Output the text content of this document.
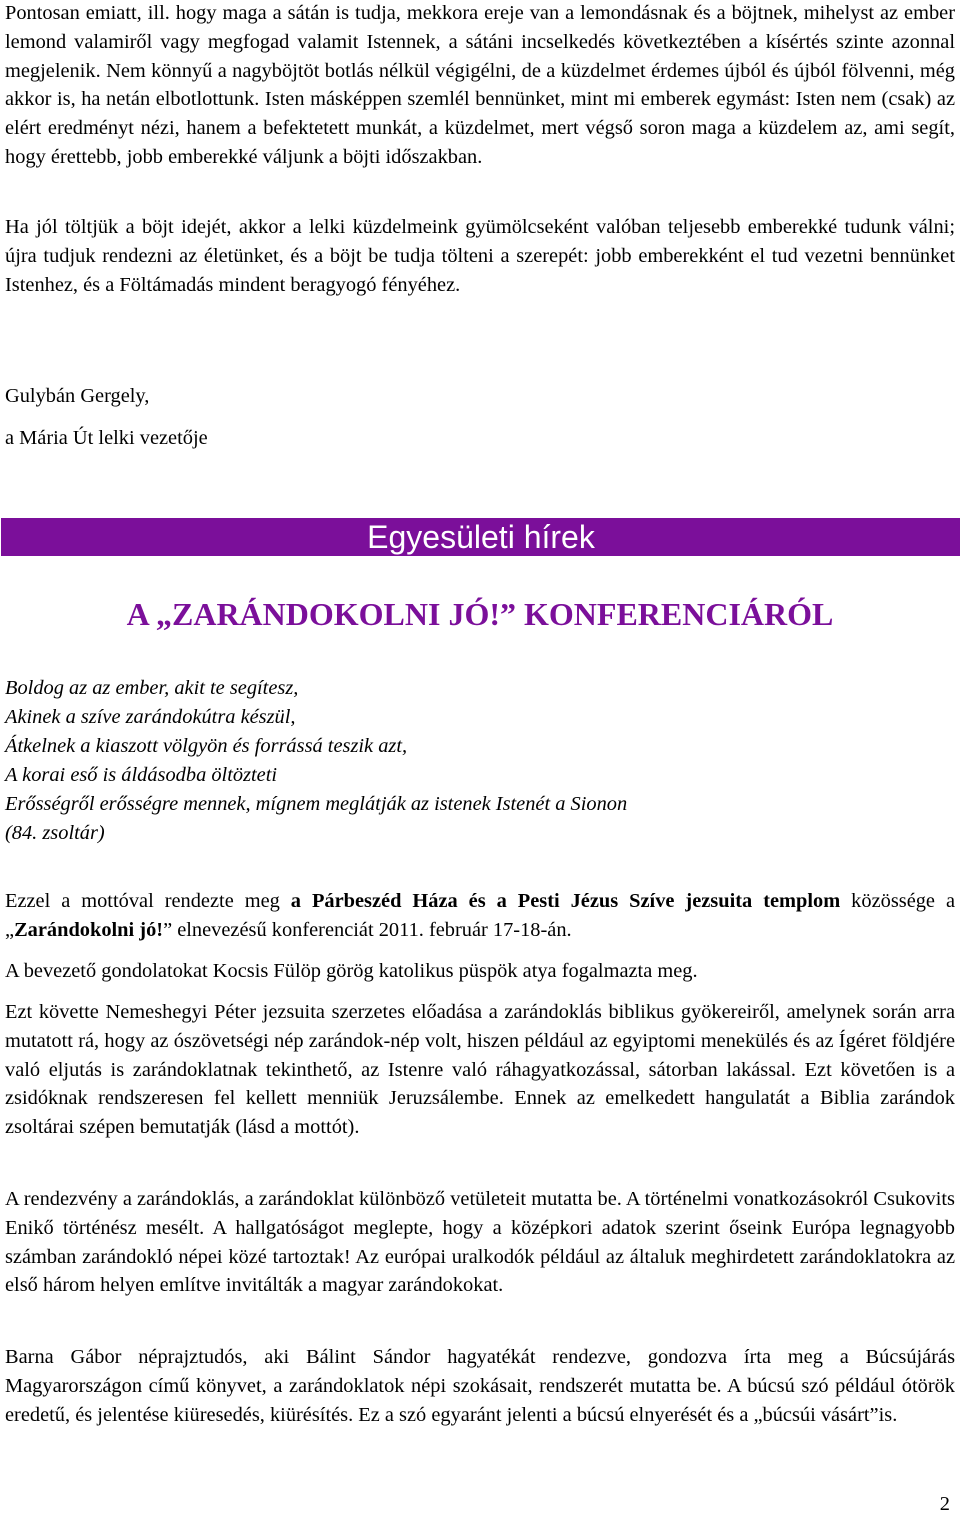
Pontosan emiatt, ill. hogy maga a sátán is tudja, mekkora ereje van a lemondásnak és a böjtnek, mihelyst az ember lemond valamiről vagy megfogad valamit Istennek, a sátáni incselkedés következtében a kísértés szinte azonnal megjelenik. Nem könnyű a nagyböjtöt botlás nélkül végigélni, de a küzdelmet érdemes újból és újból fölvenni, még akkor is, ha netán elbotlottunk. Isten másképpen szemlél bennünket, mint mi emberek egymást: Isten nem (csak) az elért eredményt nézi, hanem a befektetett munkát, a küzdelmet, mert végső soron maga a küzdelem az, ami segít, hogy érettebb, jobb emberekké váljunk a böjti időszakban.

Ha jól töltjük a böjt idejét, akkor a lelki küzdelmeink gyümölcseként valóban teljesebb emberekké tudunk válni; újra tudjuk rendezni az életünket, és a böjt be tudja tölteni a szerepét: jobb emberekként el tud vezetni bennünket Istenhez, és a Föltámadás mindent beragyogó fényéhez.

Gulybán Gergely,
a Mária Út lelki vezetője
Egyesületi hírek
A „ZARÁNDOKOLNI JÓ!” KONFERENCIÁRÓL
Boldog az az ember, akit te segítesz,
Akinek a szíve zarándokútra készül,
Átkelnek a kiaszott völgyön és forrássá teszik azt,
A korai eső is áldásodba öltözteti
Erősségről erősségre mennek, mígnem meglátják az istenek Istenét a Sionon
(84. zsoltár)

Ezzel a mottóval rendezte meg a Párbeszéd Háza és a Pesti Jézus Szíve jezsuita templom közössége a „Zarándokolni jó!” elnevezésű konferenciát 2011. február 17-18-án.

A bevezető gondolatokat Kocsis Fülöp görög katolikus püspök atya fogalmazta meg.

Ezt követte Nemeshegyi Péter jezsuita szerzetes előadása a zarándoklás biblikus gyökereiről, amelynek során arra mutatott rá, hogy az ószövetségi nép zarándok-nép volt, hiszen például az egyiptomi menekülés és az Ígéret földjére való eljutás is zarándoklatnak tekinthető, az Istenre való ráhagyatkozással, sátorban lakással. Ezt követően is a zsidóknak rendszeresen fel kellett menniük Jeruzsálembe. Ennek az emelkedett hangulatát a Biblia zarándok zsoltárai szépen bemutatják (lásd a mottót).

A rendezvény a zarándoklás, a zarándoklat különböző vetületeit mutatta be. A történelmi vonatkozásokról Csukovits Enikő történész mesélt. A hallgatóságot meglepte, hogy a középkori adatok szerint őseink Európa legnagyobb számban zarándokló népei közé tartoztak! Az európai uralkodók például az általuk meghirdetett zarándoklatokra az első három helyen említve invitálták a magyar zarándokokat.

Barna Gábor néprajztudós, aki Bálint Sándor hagyatékát rendezve, gondozva írta meg a Búcsújárás Magyarországon című könyvet, a zarándoklatok népi szokásait, rendszerét mutatta be. A búcsú szó például ótörök eredetű, és jelentése kiüresedés, kiürésítés. Ez a szó egyaránt jelenti a búcsú elnyerését és a „búcsúi vásárt”is.

2
